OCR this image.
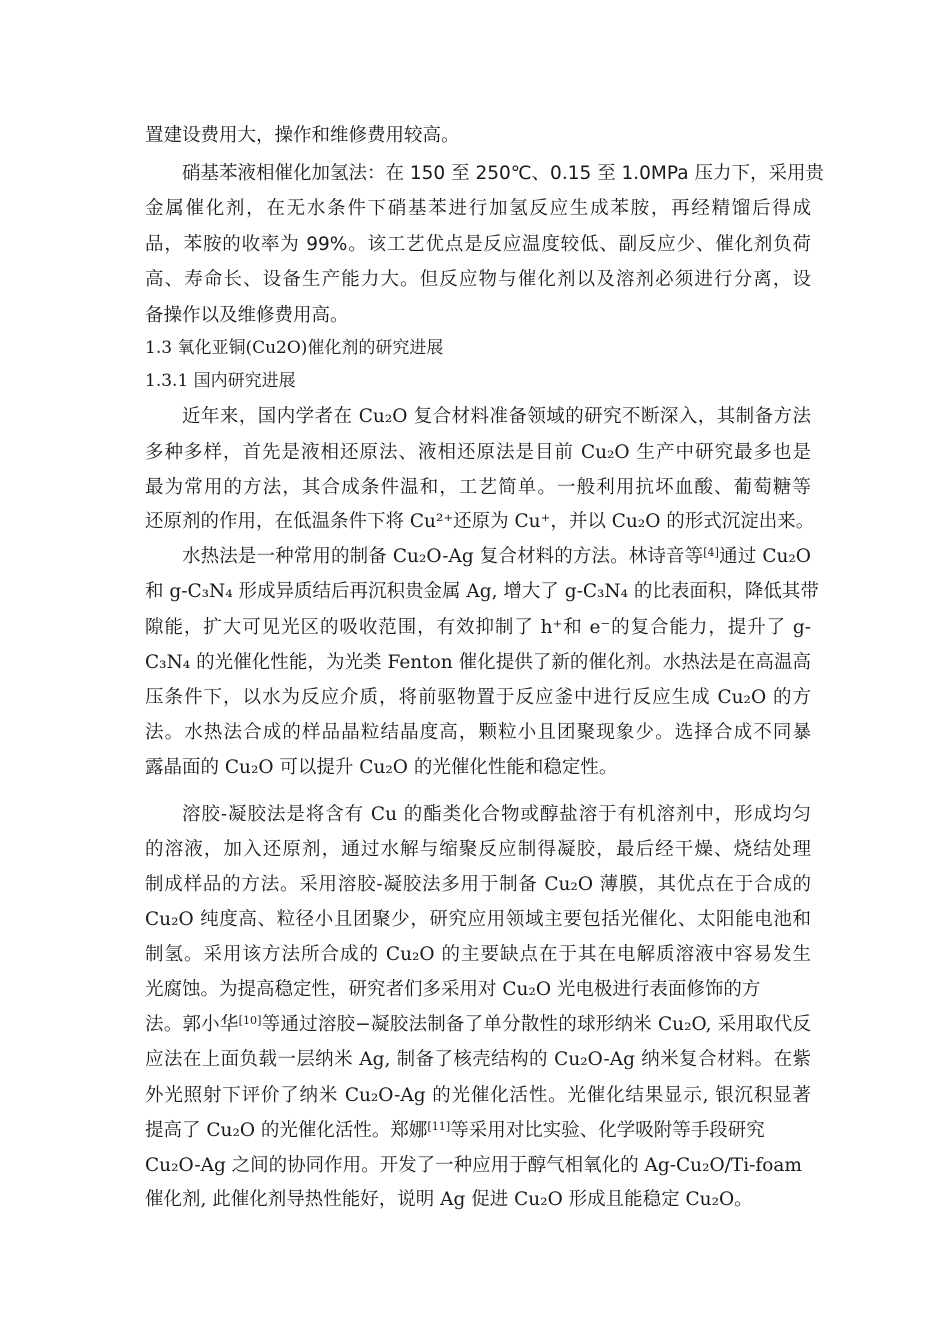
置建设费用大，操作和维修费用较高。
硝基苯液相催化加氢法：在 150 至 250℃、0.15 至 1.0MPa 压力下，采用贵
金属催化剂，在无水条件下硝基苯进行加氢反应生成苯胺，再经精馏后得成
品，苯胺的收率为 99%。该工艺优点是反应温度较低、副反应少、催化剂负荷
高、寿命长、设备生产能力大。但反应物与催化剂以及溶剂必须进行分离，设
备操作以及维修费用高。
1.3 氧化亚铜(Cu2O)催化剂的研究进展
1.3.1 国内研究进展
近年来，国内学者在 Cu₂O 复合材料准备领域的研究不断深入，其制备方法
多种多样，首先是液相还原法、液相还原法是目前 Cu₂O 生产中研究最多也是
最为常用的方法，其合成条件温和，工艺简单。一般利用抗坏血酸、葡萄糖等
还原剂的作用，在低温条件下将 Cu²⁺还原为 Cu⁺，并以 Cu₂O 的形式沉淀出来。
水热法是一种常用的制备 Cu₂O-Ag 复合材料的方法。林诗音等[4]通过 Cu₂O
和 g-C₃N₄ 形成异质结后再沉积贵金属 Ag, 增大了 g-C₃N₄ 的比表面积，降低其带
隙能，扩大可见光区的吸收范围，有效抑制了 h⁺和 e⁻的复合能力，提升了 g-
C₃N₄ 的光催化性能，为光类 Fenton 催化提供了新的催化剂。水热法是在高温高
压条件下，以水为反应介质，将前驱物置于反应釜中进行反应生成 Cu₂O 的方
法。水热法合成的样品晶粒结晶度高，颗粒小且团聚现象少。选择合成不同暴
露晶面的 Cu₂O 可以提升 Cu₂O 的光催化性能和稳定性。
溶胶-凝胶法是将含有 Cu 的酯类化合物或醇盐溶于有机溶剂中，形成均匀
的溶液，加入还原剂，通过水解与缩聚反应制得凝胶，最后经干燥、烧结处理
制成样品的方法。采用溶胶-凝胶法多用于制备 Cu₂O 薄膜，其优点在于合成的
Cu₂O 纯度高、粒径小且团聚少，研究应用领域主要包括光催化、太阳能电池和
制氢。采用该方法所合成的 Cu₂O 的主要缺点在于其在电解质溶液中容易发生
光腐蚀。为提高稳定性，研究者们多采用对 Cu₂O 光电极进行表面修饰的方
法。郭小华[10]等通过溶胶−凝胶法制备了单分散性的球形纳米 Cu₂O, 采用取代反
应法在上面负载一层纳米 Ag, 制备了核壳结构的 Cu₂O-Ag 纳米复合材料。在紫
外光照射下评价了纳米 Cu₂O-Ag 的光催化活性。光催化结果显示, 银沉积显著
提高了 Cu₂O 的光催化活性。郑娜[11]等采用对比实验、化学吸附等手段研究
Cu₂O-Ag 之间的协同作用。开发了一种应用于醇气相氧化的 Ag-Cu₂O/Ti-foam
催化剂, 此催化剂导热性能好，说明 Ag 促进 Cu₂O 形成且能稳定 Cu₂O。
